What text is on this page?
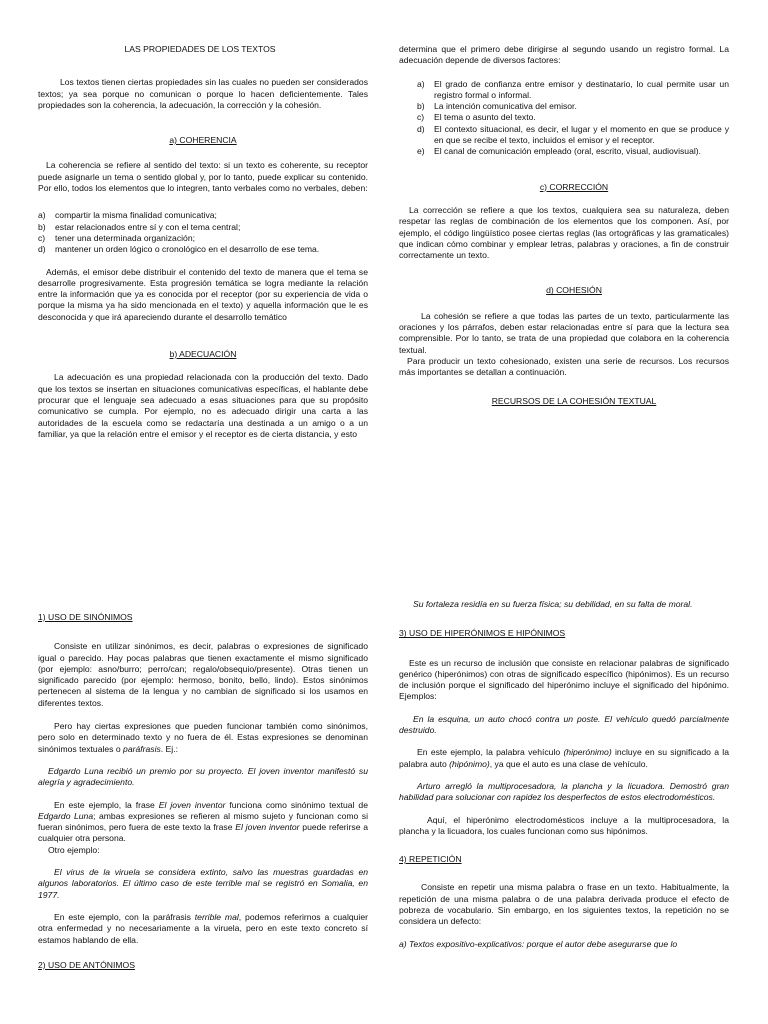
LAS PROPIEDADES DE LOS TEXTOS

Los textos tienen ciertas propiedades sin las cuales no pueden ser considerados textos; ya sea porque no comunican o porque lo hacen deficientemente. Tales propiedades son la coherencia, la adecuación, la corrección y la cohesión.

a) COHERENCIA

La coherencia se refiere al sentido del texto: si un texto es coherente, su receptor puede asignarle un tema o sentido global y, por lo tanto, puede explicar su contenido. Por ello, todos los elementos que lo integren, tanto verbales como no verbales, deben:

a) compartir la misma finalidad comunicativa;
b) estar relacionados entre sí y con el tema central;
c) tener una determinada organización;
d) mantener un orden lógico o cronológico en el desarrollo de ese tema.

Además, el emisor debe distribuir el contenido del texto de manera que el tema se desarrolle progresivamente. Esta progresión temática se logra mediante la relación entre la información que ya es conocida por el receptor (por su experiencia de vida o porque la misma ya ha sido mencionada en el texto) y aquella información que le es desconocida y que irá apareciendo durante el desarrollo temático

b) ADECUACIÓN

La adecuación es una propiedad relacionada con la producción del texto. Dado que los textos se insertan en situaciones comunicativas específicas, el hablante debe procurar que el lenguaje sea adecuado a esas situaciones para que su propósito comunicativo se cumpla. Por ejemplo, no es adecuado dirigir una carta a las autoridades de la escuela como se redactaría una destinada a un amigo o a un familiar, ya que la relación entre el emisor y el receptor es de cierta distancia, y esto

determina que el primero debe dirigirse al segundo usando un registro formal. La adecuación depende de diversos factores:

a) El grado de confianza entre emisor y destinatario, lo cual permite usar un registro formal o informal.
b) La intención comunicativa del emisor.
c) El tema o asunto del texto.
d) El contexto situacional, es decir, el lugar y el momento en que se produce y en que se recibe el texto, incluidos el emisor y el receptor.
e) El canal de comunicación empleado (oral, escrito, visual, audiovisual).

c) CORRECCIÓN

La corrección se refiere a que los textos, cualquiera sea su naturaleza, deben respetar las reglas de combinación de los elementos que los componen. Así, por ejemplo, el código lingüístico posee ciertas reglas (las ortográficas y las gramaticales) que indican cómo combinar y emplear letras, palabras y oraciones, a fin de construir correctamente un texto.

d) COHESIÓN

La cohesión se refiere a que todas las partes de un texto, particularmente las oraciones y los párrafos, deben estar relacionadas entre sí para que la lectura sea comprensible. Por lo tanto, se trata de una propiedad que colabora en la coherencia textual.

Para producir un texto cohesionado, existen una serie de recursos. Los recursos más importantes se detallan a continuación.

RECURSOS DE LA COHESIÓN TEXTUAL

1) USO DE SINÓNIMOS

Consiste en utilizar sinónimos, es decir, palabras o expresiones de significado igual o parecido. Hay pocas palabras que tienen exactamente el mismo significado (por ejemplo: asno/burro; perro/can; regalo/obsequio/presente). Otras tienen un significado parecido (por ejemplo: hermoso, bonito, bello, lindo). Estos sinónimos pertenecen al sistema de la lengua y no cambian de significado si los usamos en diferentes textos.

Pero hay ciertas expresiones que pueden funcionar también como sinónimos, pero solo en determinado texto y no fuera de él. Estas expresiones se denominan sinónimos textuales o paráfrasis. Ej.:

Edgardo Luna recibió un premio por su proyecto. El joven inventor manifestó su alegría y agradecimiento.

En este ejemplo, la frase El joven inventor funciona como sinónimo textual de Edgardo Luna; ambas expresiones se refieren al mismo sujeto y funcionan como si fueran sinónimos, pero fuera de este texto la frase El joven inventor puede referirse a cualquier otra persona.

Otro ejemplo:

El virus de la viruela se considera extinto, salvo las muestras guardadas en algunos laboratorios. El último caso de este terrible mal se registró en Somalia, en 1977.

En este ejemplo, con la paráfrasis terrible mal, podemos referirnos a cualquier otra enfermedad y no necesariamente a la viruela, pero en este texto concreto sí estamos hablando de ella.

2) USO DE ANTÓNIMOS

Su fortaleza residía en su fuerza física; su debilidad, en su falta de moral.

3) USO DE HIPERÓNIMOS E HIPÓNIMOS

Este es un recurso de inclusión que consiste en relacionar palabras de significado genérico (hiperónimos) con otras de significado específico (hipónimos). Es un recurso de inclusión porque el significado del hiperónimo incluye el significado del hipónimo. Ejemplos:

En la esquina, un auto chocó contra un poste. El vehículo quedó parcialmente destruido.

En este ejemplo, la palabra vehículo (hiperónimo) incluye en su significado a la palabra auto (hipónimo), ya que el auto es una clase de vehículo.

Arturo arregló la multiprocesadora, la plancha y la licuadora. Demostró gran habilidad para solucionar con rapidez los desperfectos de estos electrodomésticos.

Aquí, el hiperónimo electrodomésticos incluye a la multiprocesadora, la plancha y la licuadora, los cuales funcionan como sus hipónimos.

4) REPETICIÓN

Consiste en repetir una misma palabra o frase en un texto. Habitualmente, la repetición de una misma palabra o de una palabra derivada produce el efecto de pobreza de vocabulario. Sin embargo, en los siguientes textos, la repetición no se considera un defecto:

a) Textos expositivo-explicativos: porque el autor debe asegurarse que lo
